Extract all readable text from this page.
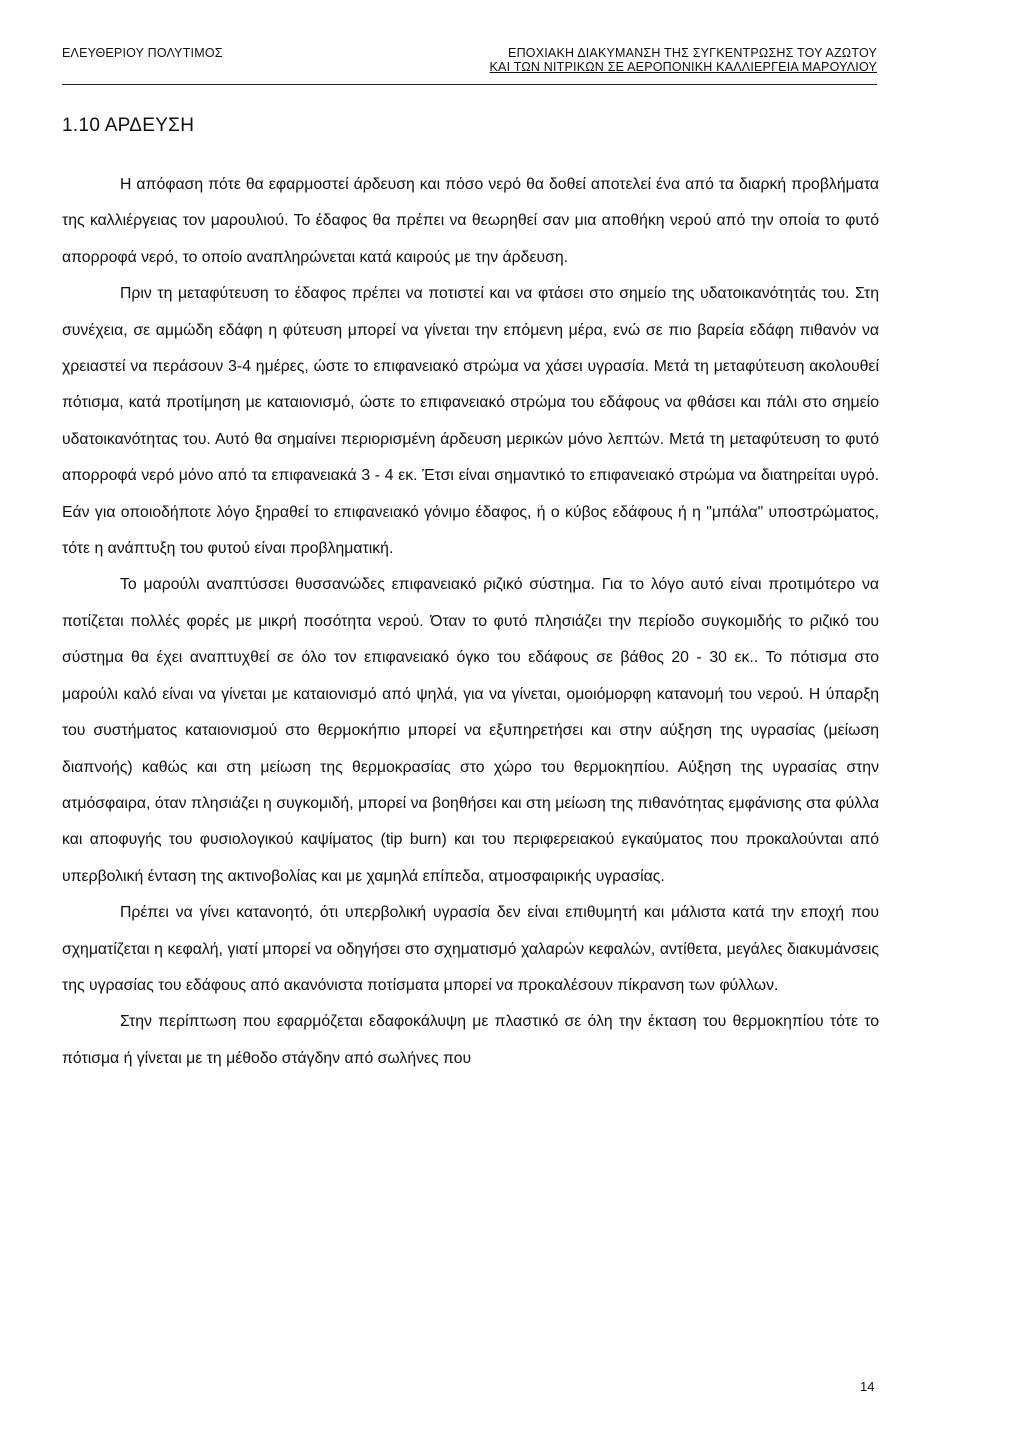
ΕΛΕΥΘΕΡΙΟΥ ΠΟΛΥΤΙΜΟΣ	ΕΠΟΧΙΑΚΗ ΔΙΑΚΥΜΑΝΣΗ ΤΗΣ ΣΥΓΚΕΝΤΡΩΣΗΣ ΤΟΥ ΑΖΩΤΟΥ
ΚΑΙ ΤΩΝ ΝΙΤΡΙΚΩΝ ΣΕ ΑΕΡΟΠΟΝΙΚΗ ΚΑΛΛΙΕΡΓΕΙΑ ΜΑΡΟΥΛΙΟΥ
1.10 ΑΡΔΕΥΣΗ

Η απόφαση πότε θα εφαρμοστεί άρδευση και πόσο νερό θα δοθεί αποτελεί ένα από τα διαρκή προβλήματα της καλλιέργειας τον μαρουλιού. Το έδαφος θα πρέπει να θεωρηθεί σαν μια αποθήκη νερού από την οποία το φυτό απορροφά νερό, το οποίο αναπληρώνεται κατά καιρούς με την άρδευση.

Πριν τη μεταφύτευση το έδαφος πρέπει να ποτιστεί και να φτάσει στο σημείο της υδατοικανότητάς του. Στη συνέχεια, σε αμμώδη εδάφη η φύτευση μπορεί να γίνεται την επόμενη μέρα, ενώ σε πιο βαρεία εδάφη πιθανόν να χρειαστεί να περάσουν 3-4 ημέρες, ώστε το επιφανειακό στρώμα να χάσει υγρασία. Μετά τη μεταφύτευση ακολουθεί πότισμα, κατά προτίμηση με καταιονισμό, ώστε το επιφανειακό στρώμα του εδάφους να φθάσει και πάλι στο σημείο υδατοικανότητας του. Αυτό θα σημαίνει περιορισμένη άρδευση μερικών μόνο λεπτών. Μετά τη μεταφύτευση το φυτό απορροφά νερό μόνο από τα επιφανειακά 3 - 4 εκ. Έτσι είναι σημαντικό το επιφανειακό στρώμα να διατηρείται υγρό. Εάν για οποιοδήποτε λόγο ξηραθεί το επιφανειακό γόνιμο έδαφος, ή ο κύβος εδάφους ή η "μπάλα" υποστρώματος, τότε η ανάπτυξη του φυτού είναι προβληματική.

Το μαρούλι αναπτύσσει θυσσανώδες επιφανειακό ριζικό σύστημα. Για το λόγο αυτό είναι προτιμότερο να ποτίζεται πολλές φορές με μικρή ποσότητα νερού. Όταν το φυτό πλησιάζει την περίοδο συγκομιδής το ριζικό του σύστημα θα έχει αναπτυχθεί σε όλο τον επιφανειακό όγκο του εδάφους σε βάθος 20 - 30 εκ.. Το πότισμα στο μαρούλι καλό είναι να γίνεται με καταιονισμό από ψηλά, για να γίνεται, ομοιόμορφη κατανομή του νερού. Η ύπαρξη του συστήματος καταιονισμού στο θερμοκήπιο μπορεί να εξυπηρετήσει και στην αύξηση της υγρασίας (μείωση διαπνοής) καθώς και στη μείωση της θερμοκρασίας στο χώρο του θερμοκηπίου. Αύξηση της υγρασίας στην ατμόσφαιρα, όταν πλησιάζει η συγκομιδή, μπορεί να βοηθήσει και στη μείωση της πιθανότητας εμφάνισης στα φύλλα και αποφυγής του φυσιολογικού καψίματος (tip burn) και του περιφερειακού εγκαύματος που προκαλούνται από υπερβολική ένταση της ακτινοβολίας και με χαμηλά επίπεδα, ατμοσφαιρικής υγρασίας.

Πρέπει να γίνει κατανοητό, ότι υπερβολική υγρασία δεν είναι επιθυμητή και μάλιστα κατά την εποχή που σχηματίζεται η κεφαλή, γιατί μπορεί να οδηγήσει στο σχηματισμό χαλαρών κεφαλών, αντίθετα, μεγάλες διακυμάνσεις της υγρασίας του εδάφους από ακανόνιστα ποτίσματα μπορεί να προκαλέσουν πίκρανση των φύλλων.

Στην περίπτωση που εφαρμόζεται εδαφοκάλυψη με πλαστικό σε όλη την έκταση του θερμοκηπίου τότε το πότισμα ή γίνεται με τη μέθοδο στάγδην από σωλήνες που

14
